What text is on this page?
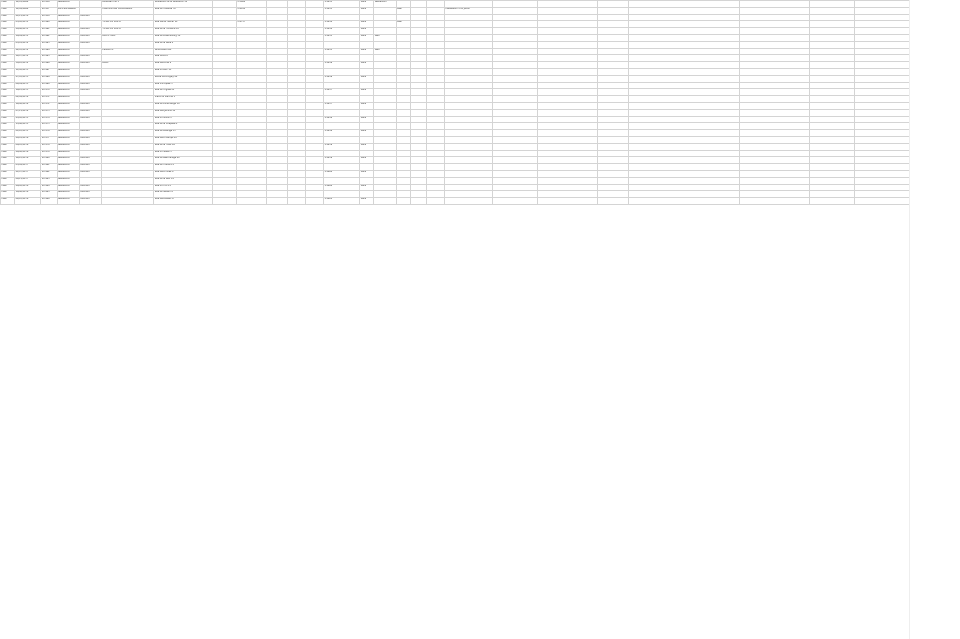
Fälle	12/01/1969	01.456	Niederkorn		Boulevard du 5	Boulevard de la Libération 52		L-3960				1.1953	Mars	Niederkorn												
Fälle	12/04/1969	01.457	Esch-sur-Alzette		CONVENTION COMMUNALE	Rue de l'Alzette 76		L-4011				1.1953	Mars		Asbl			Installation d'un jardin								
Fälle	21/11/1970	01.458	Niederkorn	Ouvriers																						
Fälle	03/02/1971	01.460	Niederkorn		TOTAL DE VENTE	Rue Pierre Hamer 12		L-4737				1.1954	Mars		Asbl											
Fälle	20/06/1971	01.461	Niederkorn	Ouvriers	TOTAL DE VENTE	Rue de la Fonderie 18						1.1954	Mars													
Fälle	18/09/1971	01.462	Niederkorn	Ouvriers	AXIS ÉTUDE	Rue de Luxembourg 30						1.1955	Mars	Asbl												
Fälle	05/01/1972	01.463	Niederkorn	Ouvriers		Rue de la Gare 4																				
Fälle	22/03/1972	01.464	Niederkorn		PRIMATEX	Grand-Rue 102						1.1955	Mars	Asbl												
Fälle	14/07/1972	01.465	Niederkorn	Ouvriers		Rue Dicks 6																				
Fälle	30/10/1972	01.466	Niederkorn	Ouvriers	BOUL	Rue des Prés 9						1.1956	Mars													
Fälle	11/02/1973	01.467	Niederkorn			Rue du Parc 15																				
Fälle	27/05/1973	01.468	Niederkorn	Ouvriers		Route de Longwy 44						1.1956	Mars													
Fälle	09/09/1973	01.469	Niederkorn	Ouvriers		Rue Principale 3																				
Fälle	16/12/1973	01.470	Niederkorn	Ouvriers		Rue de l'Église 21						1.1957	Mars													
Fälle	02/04/1974	01.471	Niederkorn			Place du Marché 1																				
Fälle	19/08/1974	01.472	Niederkorn	Ouvriers		Rue de Differdange 58						1.1957	Mars													
Fälle	07/11/1974	01.473	Niederkorn	Ouvriers		Rue des Jardins 12																				
Fälle	25/02/1975	01.474	Niederkorn	Ouvriers		Rue du Moulin 7						1.1958	Mars													
Fälle	13/06/1975	01.475	Niederkorn			Rue de la Chapelle 2																				
Fälle	01/10/1975	01.476	Niederkorn	Ouvriers		Rue de Pétange 33						1.1958	Mars													
Fälle	20/01/1976	01.477	Niederkorn	Ouvriers		Rue des Champs 19																				
Fälle	08/05/1976	01.478	Niederkorn	Ouvriers		Rue de la Forêt 26						1.1959	Mars													
Fälle	26/08/1976	01.479	Niederkorn			Rue du Stade 5																				
Fälle	14/12/1976	01.480	Niederkorn	Ouvriers		Rue de Bascharage 40						1.1959	Mars													
Fälle	03/04/1977	01.481	Niederkorn	Ouvriers		Rue de l'Usine 11																				
Fälle	21/07/1977	01.482	Niederkorn	Ouvriers		Rue des Écoles 8						1.1960	Mars													
Fälle	09/11/1977	01.483	Niederkorn			Rue de la Paix 14																				
Fälle	28/02/1978	01.484	Niederkorn	Ouvriers		Rue du Fort 23						1.1960	Mars													
Fälle	16/06/1978	01.485	Niederkorn	Ouvriers		Rue de Sanem 6																				
Fälle	04/10/1978	01.486	Niederkorn	Ouvriers		Rue des Roses 17						1.1961	Mars													
